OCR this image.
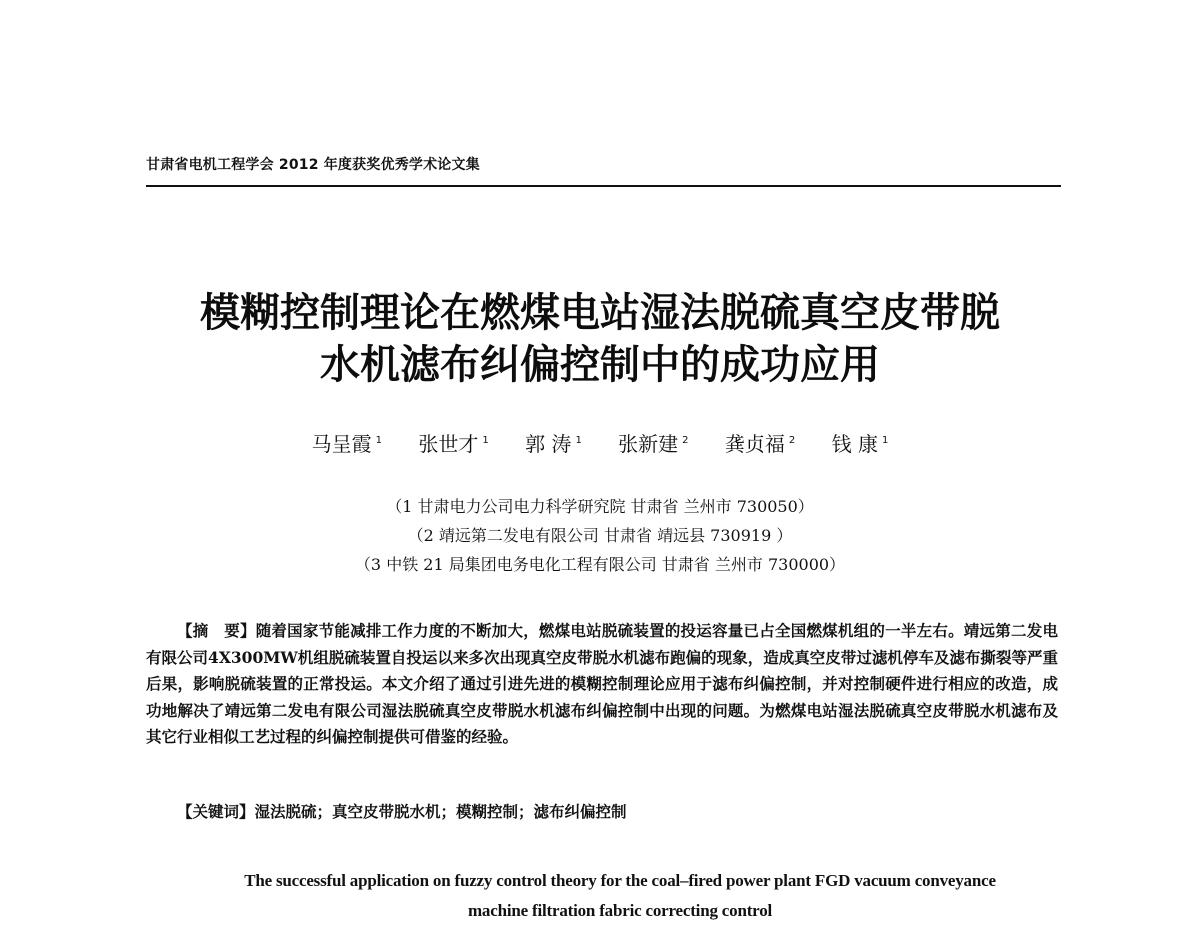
甘肃省电机工程学会 2012 年度获奖优秀学术论文集
模糊控制理论在燃煤电站湿法脱硫真空皮带脱
水机滤布纠偏控制中的成功应用
马呈霞 $^1$ 张世才 $^1$ 郭 涛 $^1$ 张新建 $^2$ 龚贞福 $^2$ 钱 康 $^1$
（1 甘肃电力公司电力科学研究院 甘肃省 兰州市 730050）
（2 靖远第二发电有限公司 甘肃省 靖远县 730919 ）
（3 中铁 21 局集团电务电化工程有限公司 甘肃省 兰州市 730000）

【摘　要】随着国家节能减排工作力度的不断加大，燃煤电站脱硫装置的投运容量已占全国燃煤机组的一半左右。靖远第二发电有限公司4X300MW机组脱硫装置自投运以来多次出现真空皮带脱水机滤布跑偏的现象，造成真空皮带过滤机停车及滤布撕裂等严重后果，影响脱硫装置的正常投运。本文介绍了通过引进先进的模糊控制理论应用于滤布纠偏控制，并对控制硬件进行相应的改造，成功地解决了靖远第二发电有限公司湿法脱硫真空皮带脱水机滤布纠偏控制中出现的问题。为燃煤电站湿法脱硫真空皮带脱水机滤布及其它行业相似工艺过程的纠偏控制提供可借鉴的经验。

【关键词】湿法脱硫；真空皮带脱水机；模糊控制；滤布纠偏控制
The successful application on fuzzy control theory for the coal–fired power plant FGD vacuum conveyance
machine filtration fabric correcting control
